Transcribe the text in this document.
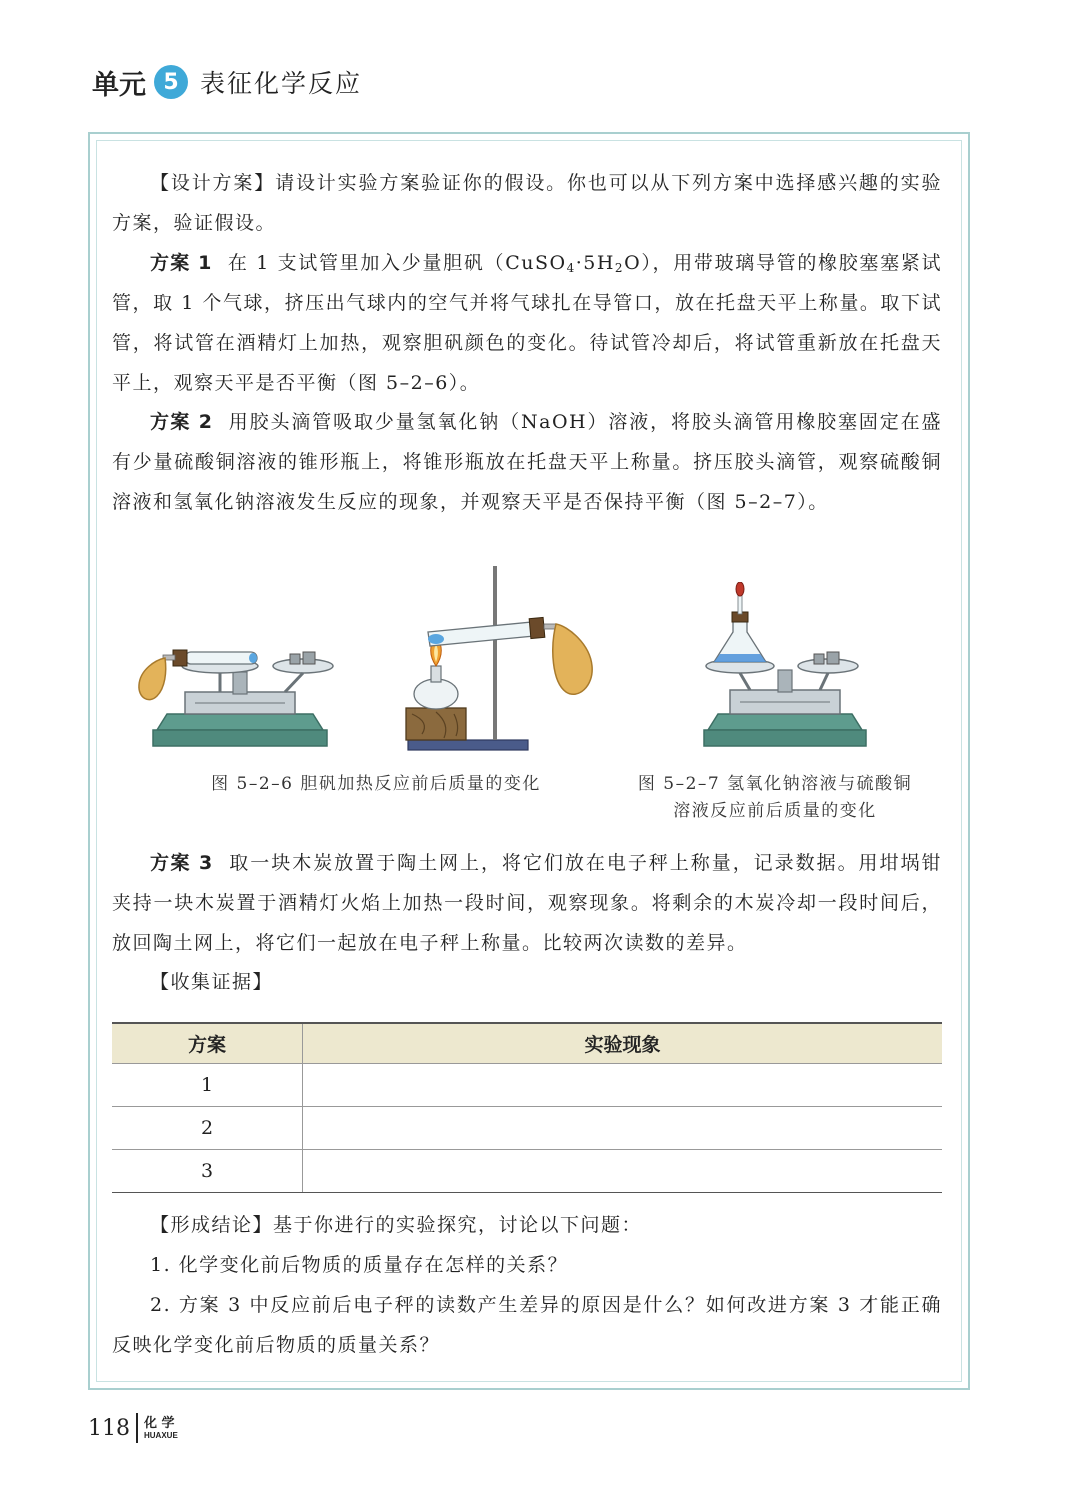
单元 5 表征化学反应
【设计方案】请设计实验方案验证你的假设。你也可以从下列方案中选择感兴趣的实验方案，验证假设。
方案 1 在 1 支试管里加入少量胆矾$(CuSO_4\cdot 5H_2O)$，用带玻璃导管的橡胶塞塞紧试管，取 1 个气球，挤压出气球内的空气并将气球扎在导管口，放在托盘天平上称量。取下试管，将试管在酒精灯上加热，观察胆矾颜色的变化。待试管冷却后，将试管重新放在托盘天平上，观察天平是否平衡（图 5–2–6）。
方案 2 用胶头滴管吸取少量氢氧化钠（NaOH）溶液，将胶头滴管用橡胶塞固定在盛有少量硫酸铜溶液的锥形瓶上，将锥形瓶放在托盘天平上称量。挤压胶头滴管，观察硫酸铜溶液和氢氧化钠溶液发生反应的现象，并观察天平是否保持平衡（图 5–2–7）。
图 5–2–6 胆矾加热反应前后质量的变化	图 5–2–7 氢氧化钠溶液与硫酸铜
溶液反应前后质量的变化
方案 3 取一块木炭放置于陶土网上，将它们放在电子秤上称量，记录数据。用坩埚钳夹持一块木炭置于酒精灯火焰上加热一段时间，观察现象。将剩余的木炭冷却一段时间后，放回陶土网上，将它们一起放在电子秤上称量。比较两次读数的差异。
【收集证据】
方案	实验现象
1	
2	
3	
【形成结论】基于你进行的实验探究，讨论以下问题：
1. 化学变化前后物质的质量存在怎样的关系？
2. 方案 3 中反应前后电子秤的读数产生差异的原因是什么？如何改进方案 3 才能正确反映化学变化前后物质的质量关系？
118	化 学
HUAXUE
